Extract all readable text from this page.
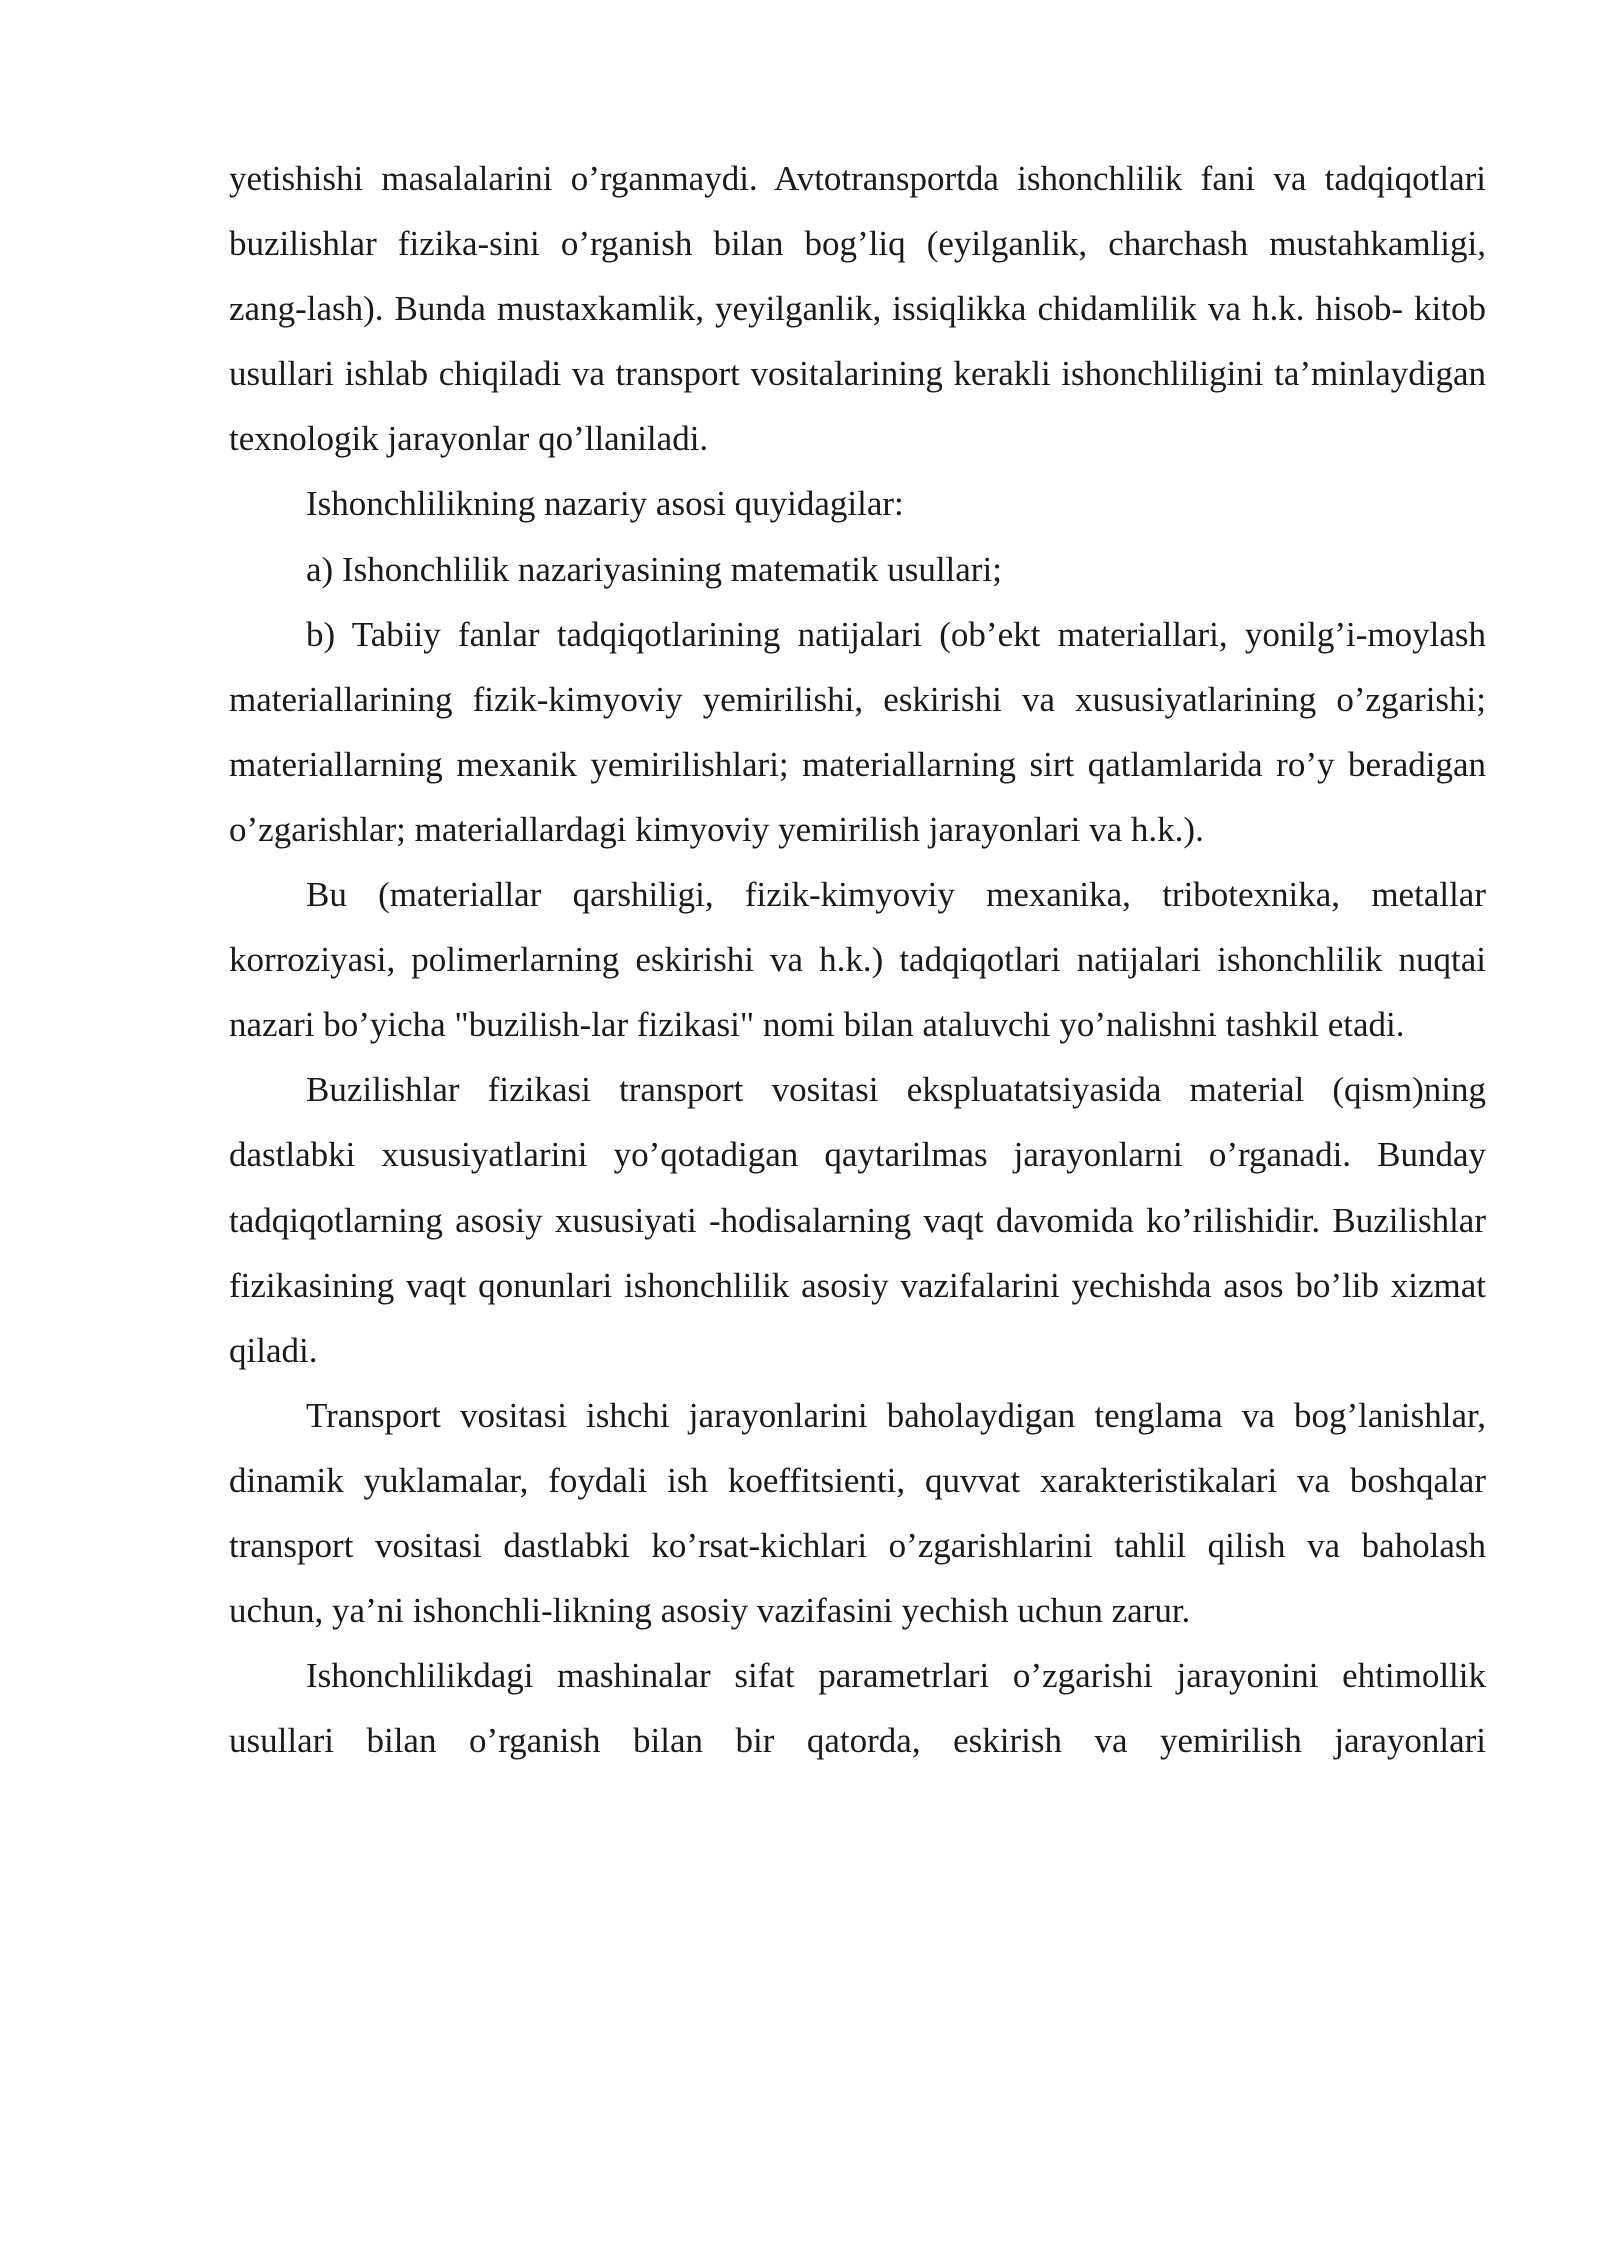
yetishishi masalalarini o’rganmaydi. Avtotransportda ishonchlilik fani va tadqiqotlari buzilishlar fizika-sini o’rganish bilan bog’liq (eyilganlik, charchash mustahkamligi, zang-lash). Bunda mustaxkamlik, yeyilganlik, issiqlikka chidamlilik va h.k. hisob- kitob usullari ishlab chiqiladi va transport vositalarining kerakli ishonchliligini ta’minlaydigan texnologik jarayonlar qo’llaniladi.

Ishonchlilikning nazariy asosi quyidagilar:

a) Ishonchlilik nazariyasining matematik usullari;

b) Tabiiy fanlar tadqiqotlarining natijalari (ob’ekt materiallari, yonilg’i-moylash materiallarining fizik-kimyoviy yemirilishi, eskirishi va xususiyatlarining o’zgarishi; materiallarning mexanik yemirilishlari; materiallarning sirt qatlamlarida ro’y beradigan o’zgarishlar; materiallardagi kimyoviy yemirilish jarayonlari va h.k.).

Bu (materiallar qarshiligi, fizik-kimyoviy mexanika, tribotexnika, metallar korroziyasi, polimerlarning eskirishi va h.k.) tadqiqotlari natijalari ishonchlilik nuqtai nazari bo’yicha "buzilish-lar fizikasi" nomi bilan ataluvchi yo’nalishni tashkil etadi.

Buzilishlar fizikasi transport vositasi ekspluatatsiyasida material (qism)ning dastlabki xususiyatlarini yo’qotadigan qaytarilmas jarayonlarni o’rganadi. Bunday tadqiqotlarning asosiy xususiyati -hodisalarning vaqt davomida ko’rilishidir. Buzilishlar fizikasining vaqt qonunlari ishonchlilik asosiy vazifalarini yechishda asos bo’lib xizmat qiladi.

Transport vositasi ishchi jarayonlarini baholaydigan tenglama va bog’lanishlar, dinamik yuklamalar, foydali ish koeffitsienti, quvvat xarakteristikalari va boshqalar transport vositasi dastlabki ko’rsat-kichlari o’zgarishlarini tahlil qilish va baholash uchun, ya’ni ishonchli-likning asosiy vazifasini yechish uchun zarur.

Ishonchlilikdagi mashinalar sifat parametrlari o’zgarishi jarayonini ehtimollik usullari bilan o’rganish bilan bir qatorda, eskirish va yemirilish jarayonlari
